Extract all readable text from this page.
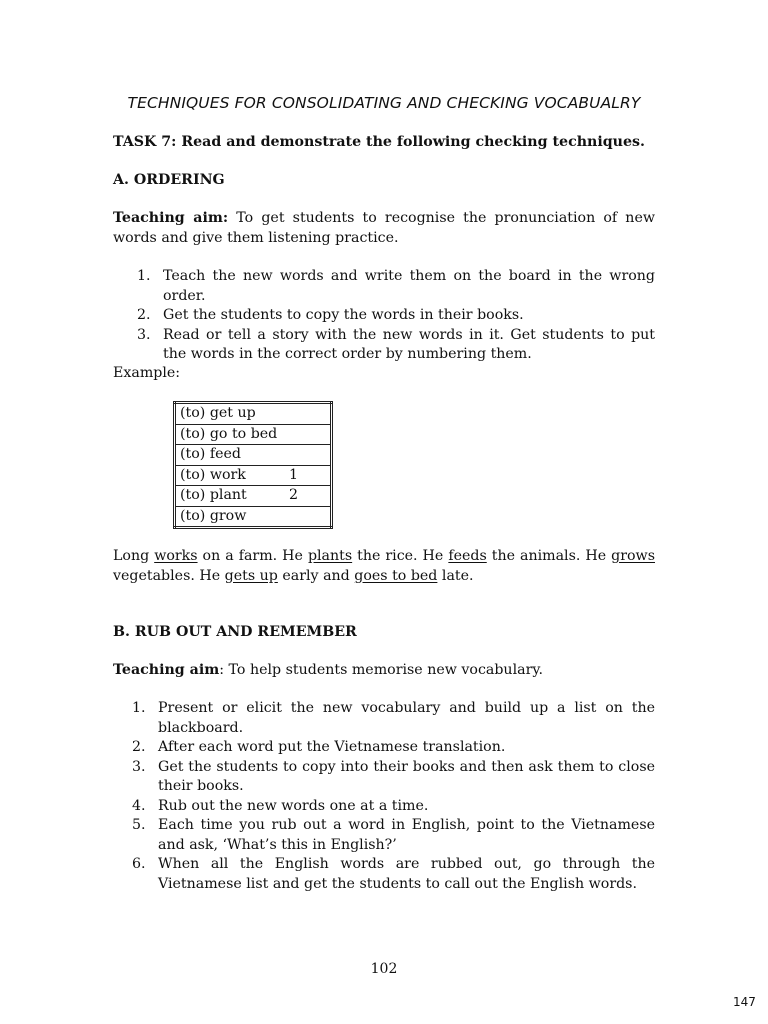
TECHNIQUES FOR CONSOLIDATING AND CHECKING VOCABUALRY
TASK 7: Read and demonstrate the following checking techniques.
A. ORDERING
Teaching aim: To get students to recognise the pronunciation of new words and give them listening practice.
1. Teach the new words and write them on the board in the wrong order.
2. Get the students to copy the words in their books.
3. Read or tell a story with the new words in it. Get students to put the words in the correct order by numbering them.
Example:
(to) get up	
(to) go to bed	
(to) feed	
(to) work	1
(to) plant	2
(to) grow	
Long works on a farm. He plants the rice. He feeds the animals. He grows vegetables. He gets up early and goes to bed late.
B. RUB OUT AND REMEMBER
Teaching aim: To help students memorise new vocabulary.
1. Present or elicit the new vocabulary and build up a list on the blackboard.
2. After each word put the Vietnamese translation.
3. Get the students to copy into their books and then ask them to close their books.
4. Rub out the new words one at a time.
5. Each time you rub out a word in English, point to the Vietnamese and ask, ‘What’s this in English?’
6. When all the English words are rubbed out, go through the Vietnamese list and get the students to call out the English words.
102
147
